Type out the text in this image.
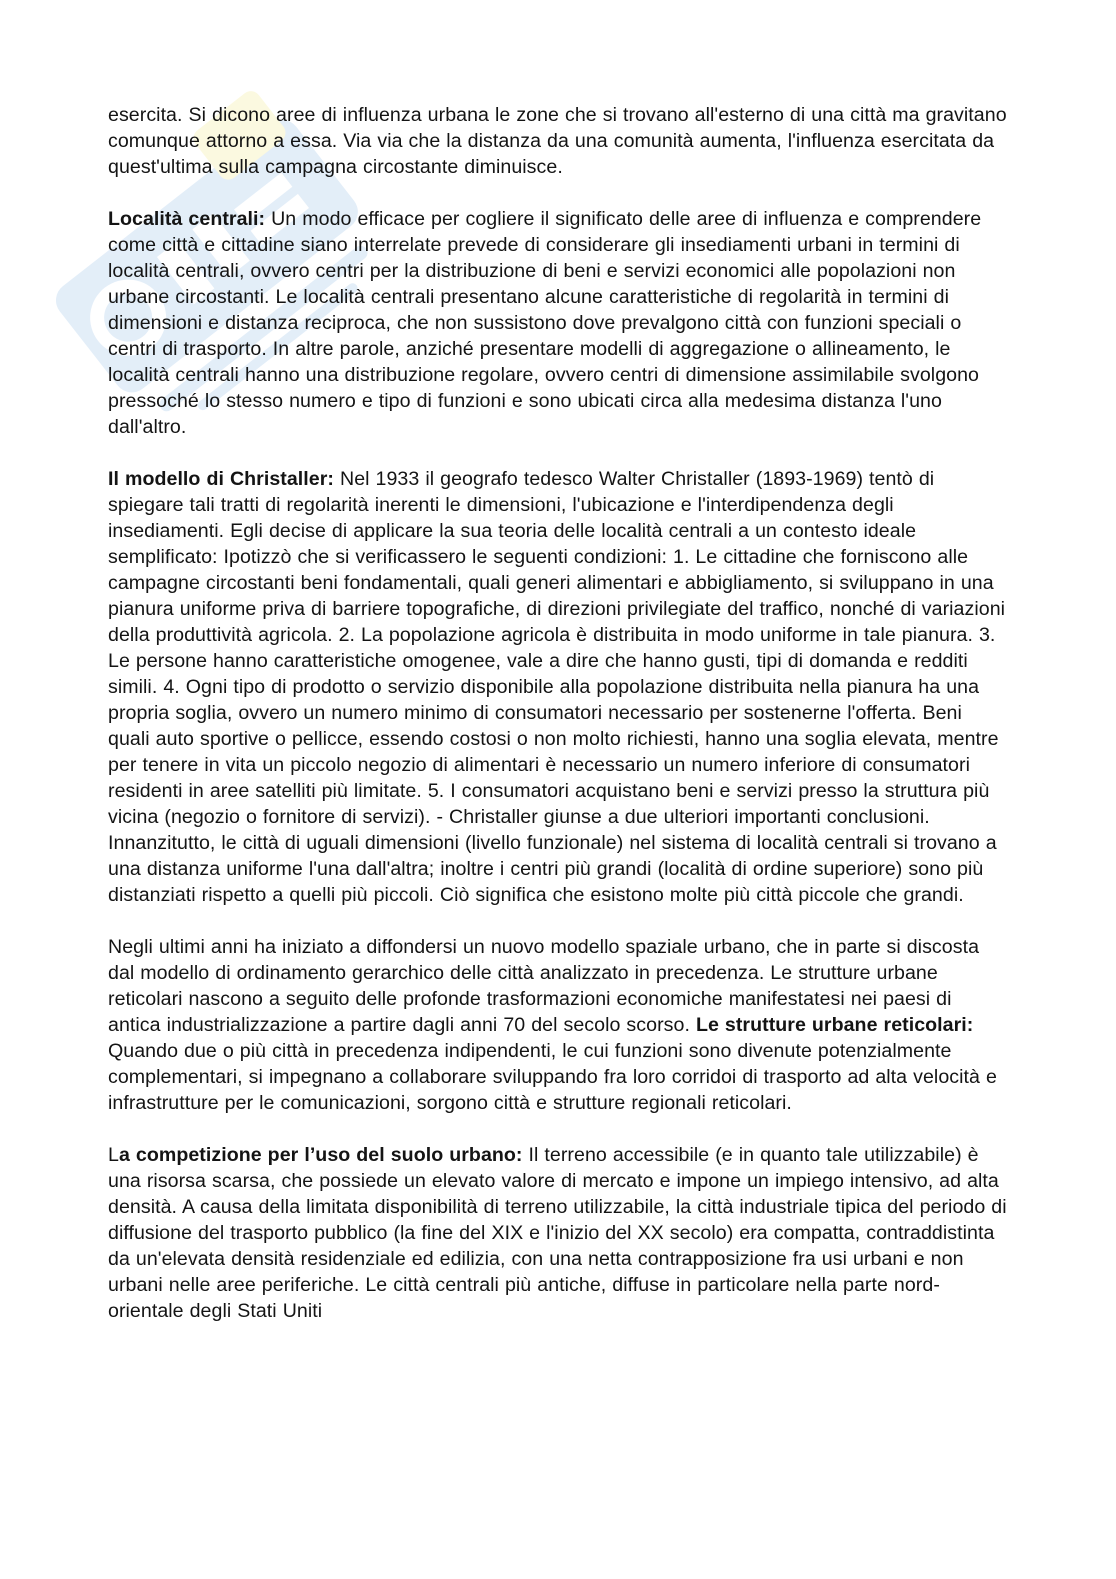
esercita. Si dicono aree di influenza urbana le zone che si trovano all'esterno di una città ma gravitano comunque attorno a essa. Via via che la distanza da una comunità aumenta, l'influenza esercitata da quest'ultima sulla campagna circostante diminuisce.

Località centrali: Un modo efficace per cogliere il significato delle aree di influenza e comprendere come città e cittadine siano interrelate prevede di considerare gli insediamenti urbani in termini di località centrali, ovvero centri per la distribuzione di beni e servizi economici alle popolazioni non urbane circostanti. Le località centrali presentano alcune caratteristiche di regolarità in termini di dimensioni e distanza reciproca, che non sussistono dove prevalgono città con funzioni speciali o centri di trasporto. In altre parole, anziché presentare modelli di aggregazione o allineamento, le località centrali hanno una distribuzione regolare, ovvero centri di dimensione assimilabile svolgono pressoché lo stesso numero e tipo di funzioni e sono ubicati circa alla medesima distanza l'uno dall'altro.

Il modello di Christaller: Nel 1933 il geografo tedesco Walter Christaller (1893-1969) tentò di spiegare tali tratti di regolarità inerenti le dimensioni, l'ubicazione e l'interdipendenza degli insediamenti. Egli decise di applicare la sua teoria delle località centrali a un contesto ideale semplificato: Ipotizzò che si verificassero le seguenti condizioni: 1. Le cittadine che forniscono alle campagne circostanti beni fondamentali, quali generi alimentari e abbigliamento, si sviluppano in una pianura uniforme priva di barriere topografiche, di direzioni privilegiate del traffico, nonché di variazioni della produttività agricola. 2. La popolazione agricola è distribuita in modo uniforme in tale pianura. 3. Le persone hanno caratteristiche omogenee, vale a dire che hanno gusti, tipi di domanda e redditi simili. 4. Ogni tipo di prodotto o servizio disponibile alla popolazione distribuita nella pianura ha una propria soglia, ovvero un numero minimo di consumatori necessario per sostenerne l'offerta. Beni quali auto sportive o pellicce, essendo costosi o non molto richiesti, hanno una soglia elevata, mentre per tenere in vita un piccolo negozio di alimentari è necessario un numero inferiore di consumatori residenti in aree satelliti più limitate. 5. I consumatori acquistano beni e servizi presso la struttura più vicina (negozio o fornitore di servizi). - Christaller giunse a due ulteriori importanti conclusioni. Innanzitutto, le città di uguali dimensioni (livello funzionale) nel sistema di località centrali si trovano a una distanza uniforme l'una dall'altra; inoltre i centri più grandi (località di ordine superiore) sono più distanziati rispetto a quelli più piccoli. Ciò significa che esistono molte più città piccole che grandi.

Negli ultimi anni ha iniziato a diffondersi un nuovo modello spaziale urbano, che in parte si discosta dal modello di ordinamento gerarchico delle città analizzato in precedenza. Le strutture urbane reticolari nascono a seguito delle profonde trasformazioni economiche manifestatesi nei paesi di antica industrializzazione a partire dagli anni 70 del secolo scorso. Le strutture urbane reticolari: Quando due o più città in precedenza indipendenti, le cui funzioni sono divenute potenzialmente complementari, si impegnano a collaborare sviluppando fra loro corridoi di trasporto ad alta velocità e infrastrutture per le comunicazioni, sorgono città e strutture regionali reticolari.

La competizione per l’uso del suolo urbano: Il terreno accessibile (e in quanto tale utilizzabile) è una risorsa scarsa, che possiede un elevato valore di mercato e impone un impiego intensivo, ad alta densità. A causa della limitata disponibilità di terreno utilizzabile, la città industriale tipica del periodo di diffusione del trasporto pubblico (la fine del XIX e l'inizio del XX secolo) era compatta, contraddistinta da un'elevata densità residenziale ed edilizia, con una netta contrapposizione fra usi urbani e non urbani nelle aree periferiche. Le città centrali più antiche, diffuse in particolare nella parte nord-orientale degli Stati Uniti
